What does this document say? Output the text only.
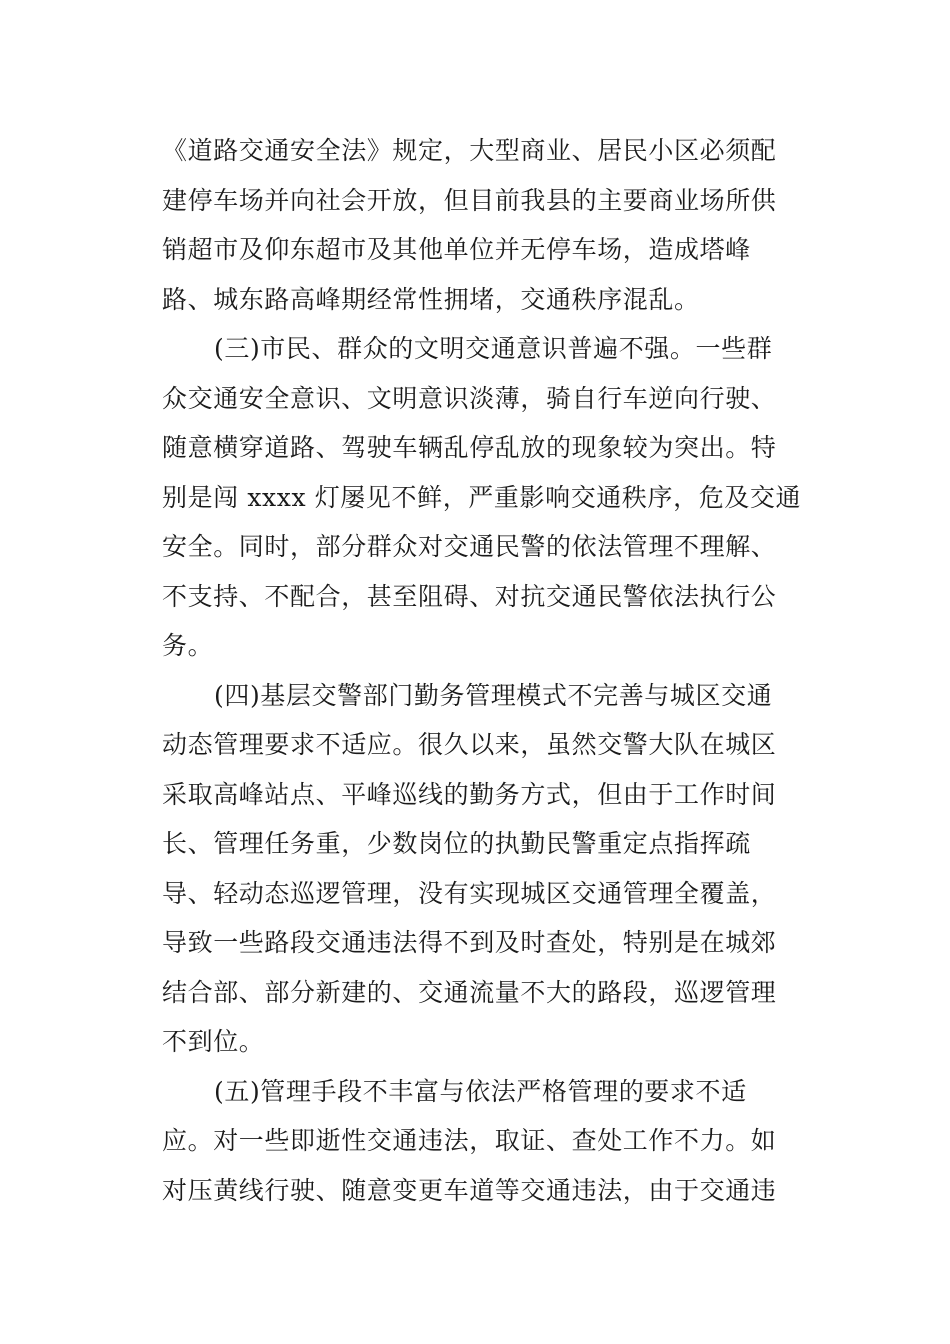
《道路交通安全法》规定，大型商业、居民小区必须配
建停车场并向社会开放，但目前我县的主要商业场所供
销超市及仰东超市及其他单位并无停车场，造成塔峰
路、城东路高峰期经常性拥堵，交通秩序混乱。
(三)市民、群众的文明交通意识普遍不强。一些群
众交通安全意识、文明意识淡薄，骑自行车逆向行驶、
随意横穿道路、驾驶车辆乱停乱放的现象较为突出。特
别是闯 xxxx 灯屡见不鲜，严重影响交通秩序，危及交通
安全。同时，部分群众对交通民警的依法管理不理解、
不支持、不配合，甚至阻碍、对抗交通民警依法执行公
务。
(四)基层交警部门勤务管理模式不完善与城区交通
动态管理要求不适应。很久以来，虽然交警大队在城区
采取高峰站点、平峰巡线的勤务方式，但由于工作时间
长、管理任务重，少数岗位的执勤民警重定点指挥疏
导、轻动态巡逻管理，没有实现城区交通管理全覆盖，
导致一些路段交通违法得不到及时查处，特别是在城郊
结合部、部分新建的、交通流量不大的路段，巡逻管理
不到位。
(五)管理手段不丰富与依法严格管理的要求不适
应。对一些即逝性交通违法，取证、查处工作不力。如
对压黄线行驶、随意变更车道等交通违法，由于交通违
